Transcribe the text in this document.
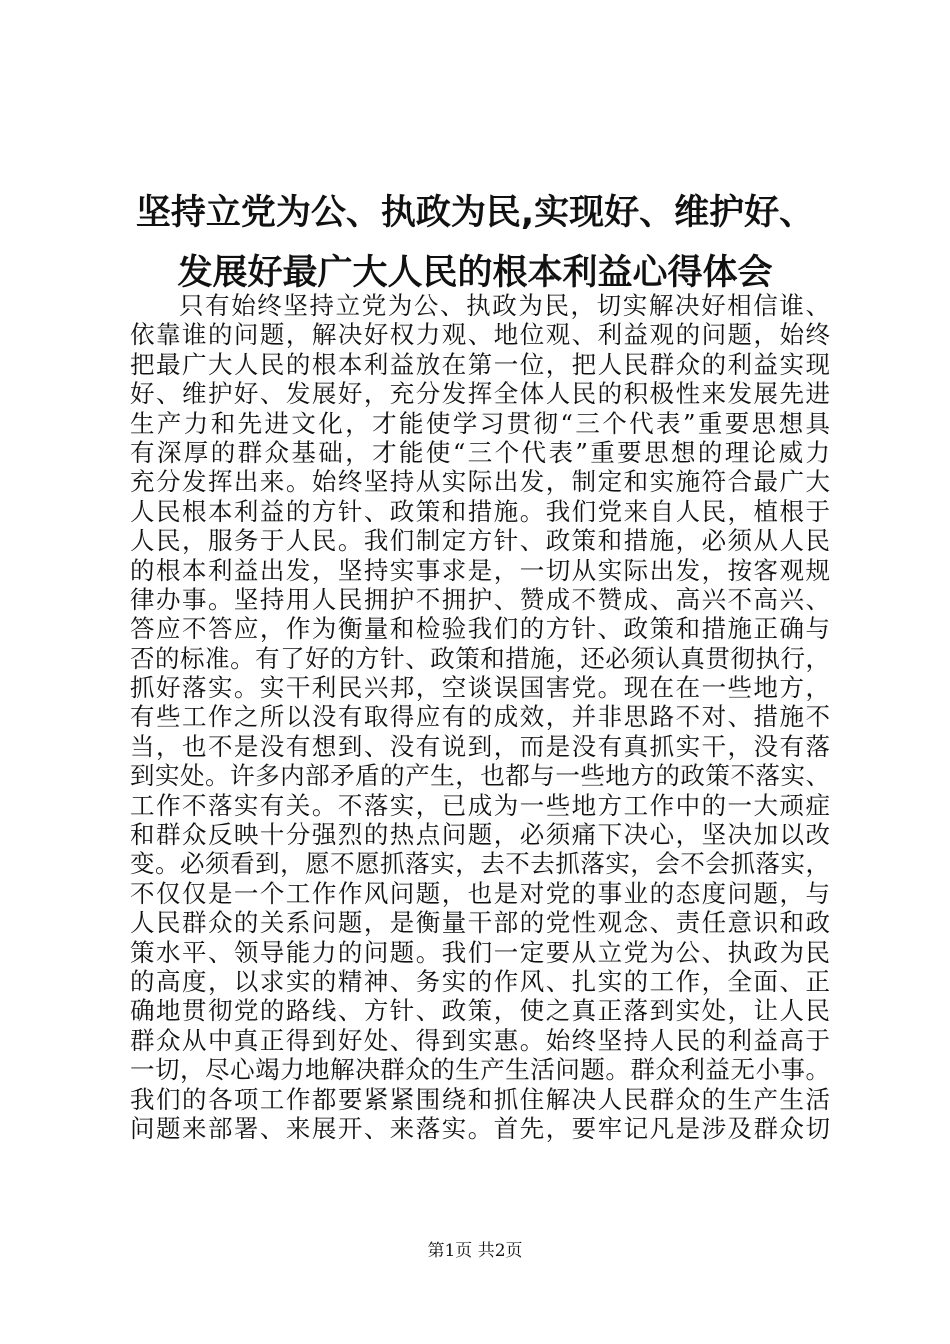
坚持立党为公、执政为民,实现好、维护好、
发展好最广大人民的根本利益心得体会
只有始终坚持立党为公、执政为民，切实解决好相信谁、
依靠谁的问题，解决好权力观、地位观、利益观的问题，始终
把最广大人民的根本利益放在第一位，把人民群众的利益实现
好、维护好、发展好，充分发挥全体人民的积极性来发展先进
生产力和先进文化，才能使学习贯彻“三个代表”重要思想具
有深厚的群众基础，才能使“三个代表”重要思想的理论威力
充分发挥出来。始终坚持从实际出发，制定和实施符合最广大
人民根本利益的方针、政策和措施。我们党来自人民，植根于
人民，服务于人民。我们制定方针、政策和措施，必须从人民
的根本利益出发，坚持实事求是，一切从实际出发，按客观规
律办事。坚持用人民拥护不拥护、赞成不赞成、高兴不高兴、
答应不答应，作为衡量和检验我们的方针、政策和措施正确与
否的标准。有了好的方针、政策和措施，还必须认真贯彻执行，
抓好落实。实干利民兴邦，空谈误国害党。现在在一些地方，
有些工作之所以没有取得应有的成效，并非思路不对、措施不
当，也不是没有想到、没有说到，而是没有真抓实干，没有落
到实处。许多内部矛盾的产生，也都与一些地方的政策不落实、
工作不落实有关。不落实，已成为一些地方工作中的一大顽症
和群众反映十分强烈的热点问题，必须痛下决心，坚决加以改
变。必须看到，愿不愿抓落实，去不去抓落实，会不会抓落实，
不仅仅是一个工作作风问题，也是对党的事业的态度问题，与
人民群众的关系问题，是衡量干部的党性观念、责任意识和政
策水平、领导能力的问题。我们一定要从立党为公、执政为民
的高度，以求实的精神、务实的作风、扎实的工作，全面、正
确地贯彻党的路线、方针、政策，使之真正落到实处，让人民
群众从中真正得到好处、得到实惠。始终坚持人民的利益高于
一切，尽心竭力地解决群众的生产生活问题。群众利益无小事。
我们的各项工作都要紧紧围绕和抓住解决人民群众的生产生活
问题来部署、来展开、来落实。首先，要牢记凡是涉及群众切
第1页 共2页
